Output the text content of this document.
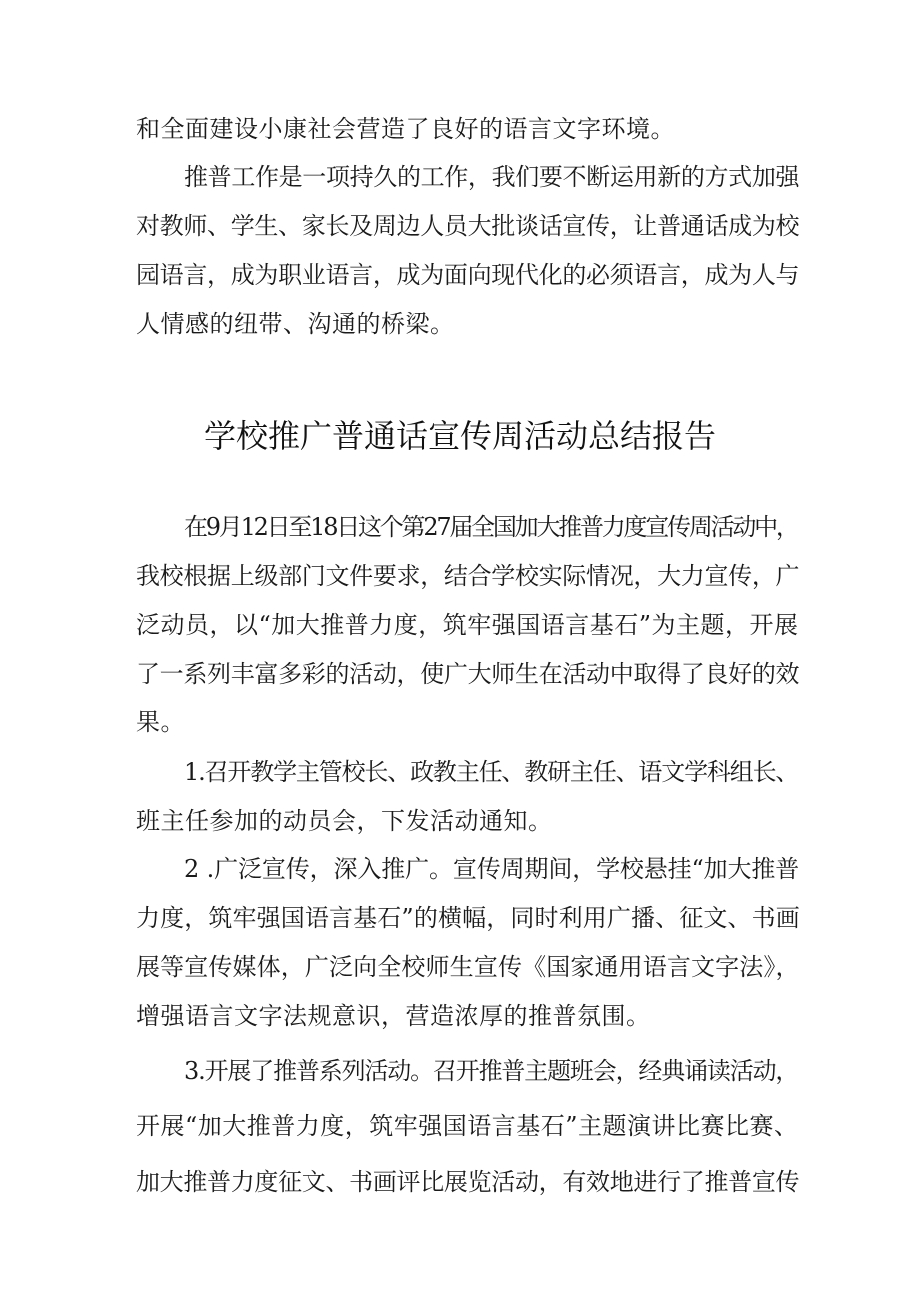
和全面建设小康社会营造了良好的语言文字环境。
推普工作是一项持久的工作，我们要不断运用新的方式加强
对教师、学生、家长及周边人员大批谈话宣传，让普通话成为校
园语言，成为职业语言，成为面向现代化的必须语言，成为人与
人情感的纽带、沟通的桥梁。
学校推广普通话宣传周活动总结报告
在9月12日至18日这个第27届全国加大推普力度宣传周活动中，
我校根据上级部门文件要求，结合学校实际情况，大力宣传，广
泛动员，以“加大推普力度，筑牢强国语言基石”为主题，开展
了一系列丰富多彩的活动，使广大师生在活动中取得了良好的效
果。
1.召开教学主管校长、政教主任、教研主任、语文学科组长、
班主任参加的动员会，下发活动通知。
2 .广泛宣传，深入推广。宣传周期间，学校悬挂“加大推普
力度，筑牢强国语言基石”的横幅，同时利用广播、征文、书画
展等宣传媒体，广泛向全校师生宣传《国家通用语言文字法》，
增强语言文字法规意识，营造浓厚的推普氛围。
3.开展了推普系列活动。召开推普主题班会，经典诵读活动，
开展“加大推普力度，筑牢强国语言基石”主题演讲比赛比赛、
加大推普力度征文、书画评比展览活动，有效地进行了推普宣传
